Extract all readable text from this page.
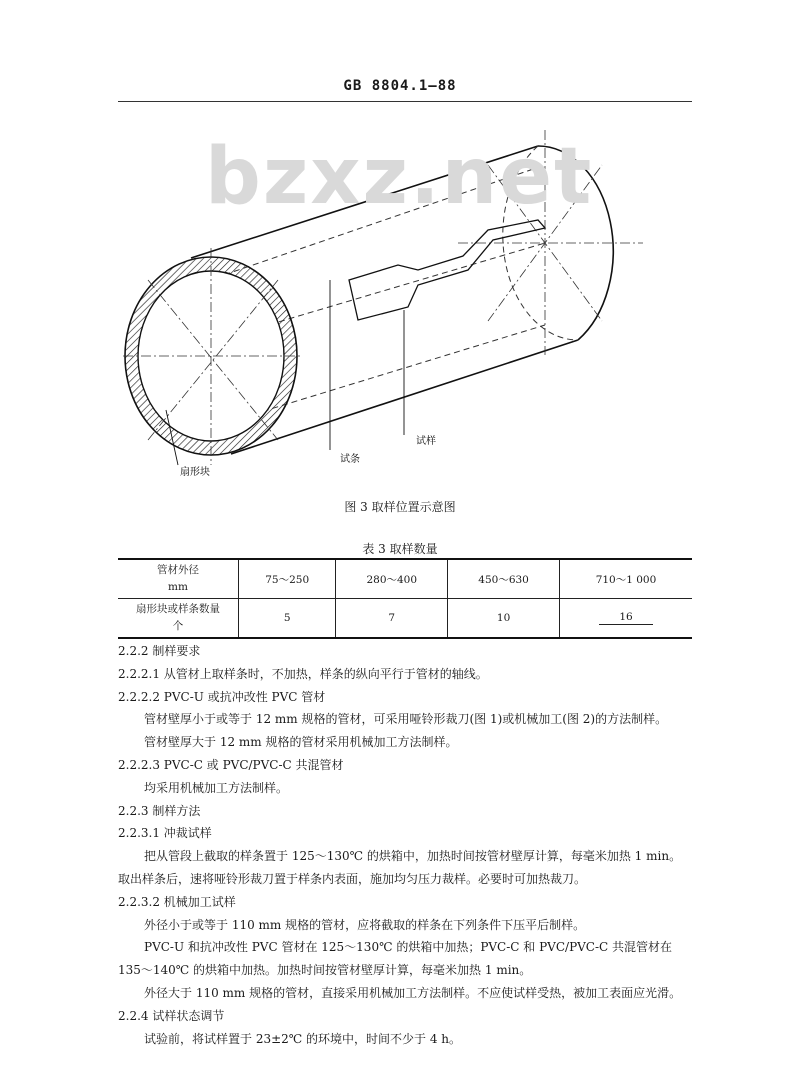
GB 8804.1—88
扇形块
试条
试样
bzxz.net
图 3 取样位置示意图
表 3 取样数量
管材外径
mm	75～250	280～400	450～630	710～1 000

扇形块或样条数量
个	5	7	10	16
2.2.2 制样要求
2.2.2.1 从管材上取样条时，不加热，样条的纵向平行于管材的轴线。
2.2.2.2 PVC-U 或抗冲改性 PVC 管材
管材壁厚小于或等于 12 mm 规格的管材，可采用哑铃形裁刀(图 1)或机械加工(图 2)的方法制样。
管材壁厚大于 12 mm 规格的管材采用机械加工方法制样。
2.2.2.3 PVC-C 或 PVC/PVC-C 共混管材
均采用机械加工方法制样。
2.2.3 制样方法
2.2.3.1 冲裁试样
把从管段上截取的样条置于 125～130℃ 的烘箱中，加热时间按管材壁厚计算，每毫米加热 1 min。
取出样条后，速将哑铃形裁刀置于样条内表面，施加均匀压力裁样。必要时可加热裁刀。
2.2.3.2 机械加工试样
外径小于或等于 110 mm 规格的管材，应将截取的样条在下列条件下压平后制样。
PVC-U 和抗冲改性 PVC 管材在 125～130℃ 的烘箱中加热；PVC-C 和 PVC/PVC-C 共混管材在
135～140℃ 的烘箱中加热。加热时间按管材壁厚计算，每毫米加热 1 min。
外径大于 110 mm 规格的管材，直接采用机械加工方法制样。不应使试样受热，被加工表面应光滑。
2.2.4 试样状态调节
试验前，将试样置于 23±2℃ 的环境中，时间不少于 4 h。
